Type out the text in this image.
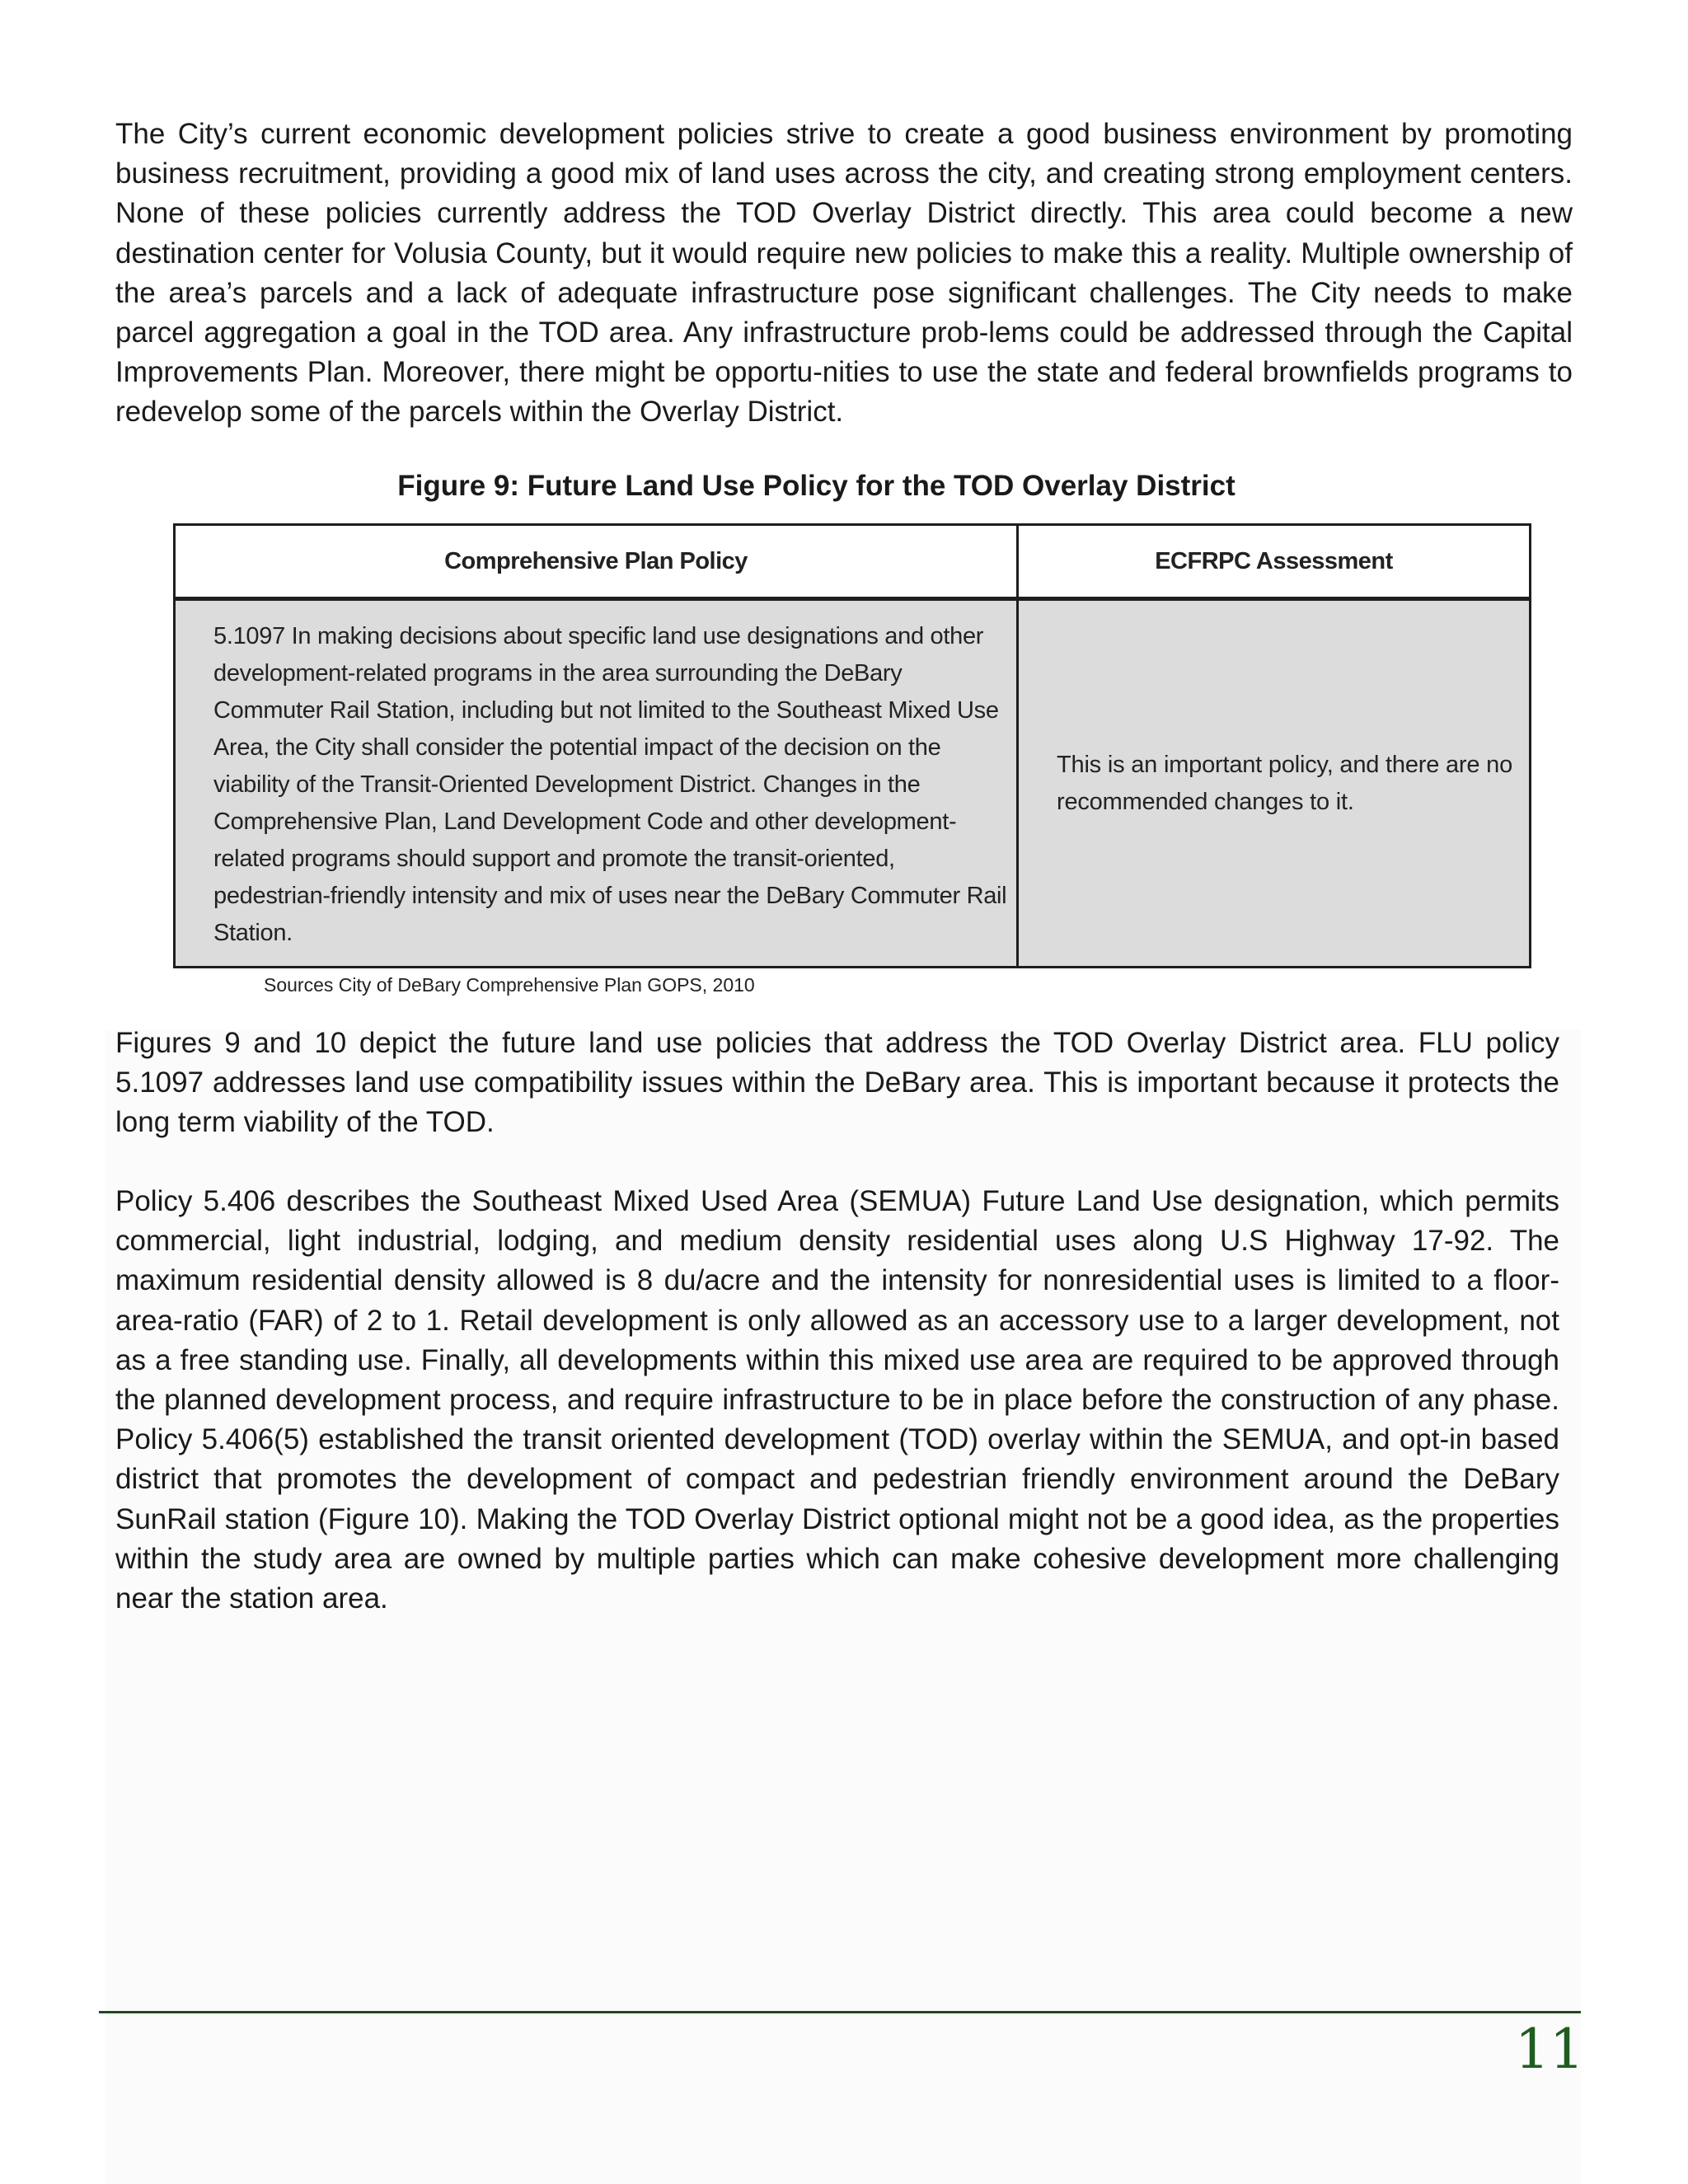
The City’s current economic development policies strive to create a good business environment by promoting business recruitment, providing a good mix of land uses across the city, and creating strong employment centers. None of these policies currently address the TOD Overlay District directly. This area could become a new destination center for Volusia County, but it would require new policies to make this a reality. Multiple ownership of the area’s parcels and a lack of adequate infrastructure pose significant challenges. The City needs to make parcel aggregation a goal in the TOD area. Any infrastructure prob-lems could be addressed through the Capital Improvements Plan. Moreover, there might be opportu-nities to use the state and federal brownfields programs to redevelop some of the parcels within the Overlay District.

Figure 9: Future Land Use Policy for the TOD Overlay District

Comprehensive Plan Policy	ECFRPC Assessment
5.1097 In making decisions about specific land use designations and other development-related programs in the area surrounding the DeBary Commuter Rail Station, including but not limited to the Southeast Mixed Use Area, the City shall consider the potential impact of the decision on the viability of the Transit-Oriented Development District. Changes in the Comprehensive Plan, Land Development Code and other development-related programs should support and promote the transit-oriented, pedestrian-friendly intensity and mix of uses near the DeBary Commuter Rail Station.	This is an important policy, and there are no recommended changes to it.

Sources City of DeBary Comprehensive Plan GOPS, 2010

Figures 9 and 10 depict the future land use policies that address the TOD Overlay District area. FLU policy 5.1097 addresses land use compatibility issues within the DeBary area. This is important because it protects the long term viability of the TOD.

Policy 5.406 describes the Southeast Mixed Used Area (SEMUA) Future Land Use designation, which permits commercial, light industrial, lodging, and medium density residential uses along U.S Highway 17-92. The maximum residential density allowed is 8 du/acre and the intensity for nonresidential uses is limited to a floor-area-ratio (FAR) of 2 to 1. Retail development is only allowed as an accessory use to a larger development, not as a free standing use. Finally, all developments within this mixed use area are required to be approved through the planned development process, and require infrastructure to be in place before the construction of any phase. Policy 5.406(5) established the transit oriented development (TOD) overlay within the SEMUA, and opt-in based district that promotes the development of compact and pedestrian friendly environment around the DeBary SunRail station (Figure 10). Making the TOD Overlay District optional might not be a good idea, as the properties within the study area are owned by multiple parties which can make cohesive development more challenging near the station area.

11
